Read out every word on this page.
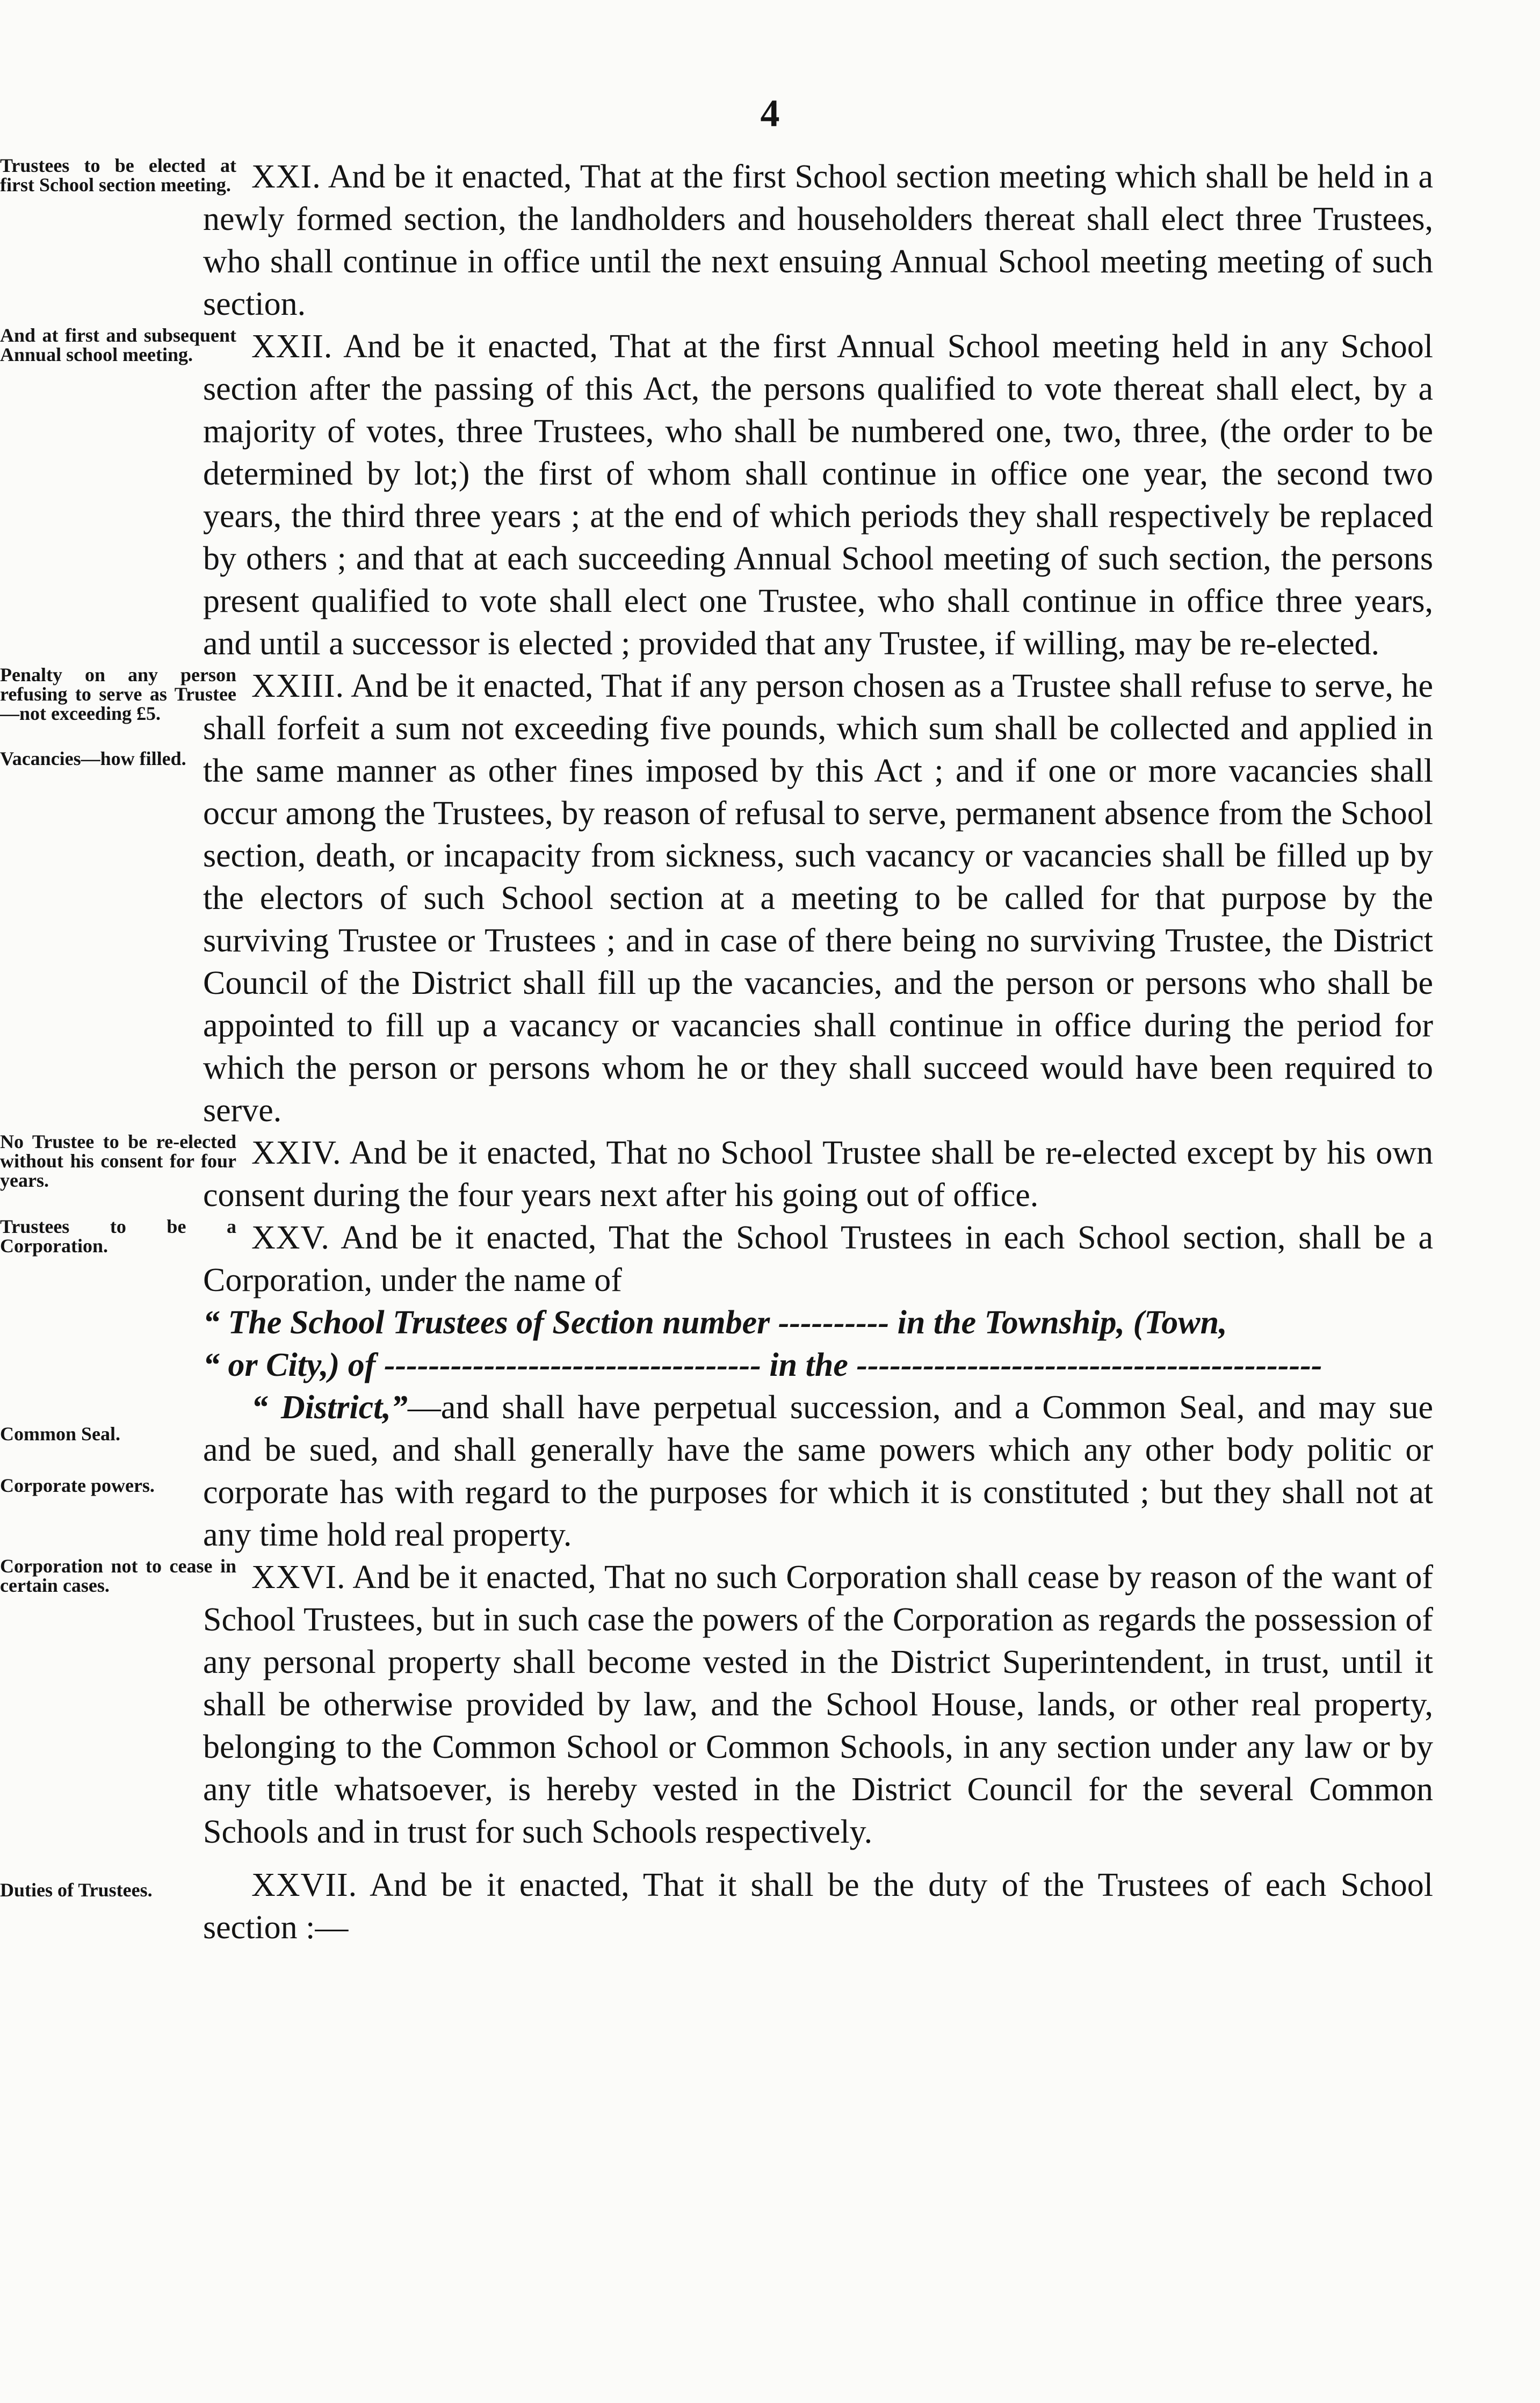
4
Trustees to be elected at first School section meeting. XXI. And be it enacted, That at the first School section meeting which shall be held in a newly formed section, the landholders and householders thereat shall elect three Trustees, who shall continue in office until the next ensuing Annual School meeting meeting of such section.

And at first and subsequent Annual school meeting.	XXII. And be it enacted, That at the first Annual School meeting held in any School section after the passing of this Act, the persons qualified to vote thereat shall elect, by a majority of votes, three Trustees, who shall be numbered one, two, three, (the order to be determined by lot;) the first of whom shall continue in office one year, the second two years, the third three years ; at the end of which periods they shall respectively be replaced by others ; and that at each succeeding Annual School meeting of such section, the persons present qualified to vote shall elect one Trustee, who shall continue in office three years, and until a successor is elected ; provided that any Trustee, if willing, may be re-elected.

Penalty on any person refusing to serve as Trustee—not exceeding £5.
Vacancies—how filled.

XXIII. And be it enacted, That if any person chosen as a Trustee shall refuse to serve, he shall forfeit a sum not exceeding five pounds, which sum shall be collected and applied in the same manner as other fines imposed by this Act ; and if one or more vacancies shall occur among the Trustees, by reason of refusal to serve, permanent absence from the School section, death, or incapacity from sickness, such vacancy or vacancies shall be filled up by the electors of such School section at a meeting to be called for that purpose by the surviving Trustee or Trustees ; and in case of there being no surviving Trustee, the District Council of the District shall fill up the vacancies, and the person or persons who shall be appointed to fill up a vacancy or vacancies shall continue in office during the period for which the person or persons whom he or they shall succeed would have been required to serve.

No Trustee to be re-elected without his consent for four years.

XXIV. And be it enacted, That no School Trustee shall be re-elected except by his own consent during the four years next after his going out of office.

Trustees to be a Corporation.	XXV. And be it enacted, That the School Trustees in each School section, shall be a Corporation, under the name of

“ The School Trustees of Section number ---------- in the Township, (Town,
“ or City,) of ---------------------------------- in the ------------------------------------------

Common Seal.
Corporate powers.

“ District,”—and shall have perpetual succession, and a Common Seal, and may sue and be sued, and shall generally have the same powers which any other body politic or corporate has with regard to the purposes for which it is constituted ; but they shall not at any time hold real property.

Corporation not to cease in certain cases.	XXVI. And be it enacted, That no such Corporation shall cease by reason of the want of School Trustees, but in such case the powers of the Corporation as regards the possession of any personal property shall become vested in the District Superintendent, in trust, until it shall be otherwise provided by law, and the School House, lands, or other real property, belonging to the Common School or Common Schools, in any section under any law or by any title whatsoever, is hereby vested in the District Council for the several Common Schools and in trust for such Schools respectively.

Duties of Trustees.	XXVII. And be it enacted, That it shall be the duty of the Trustees of each School section :—
